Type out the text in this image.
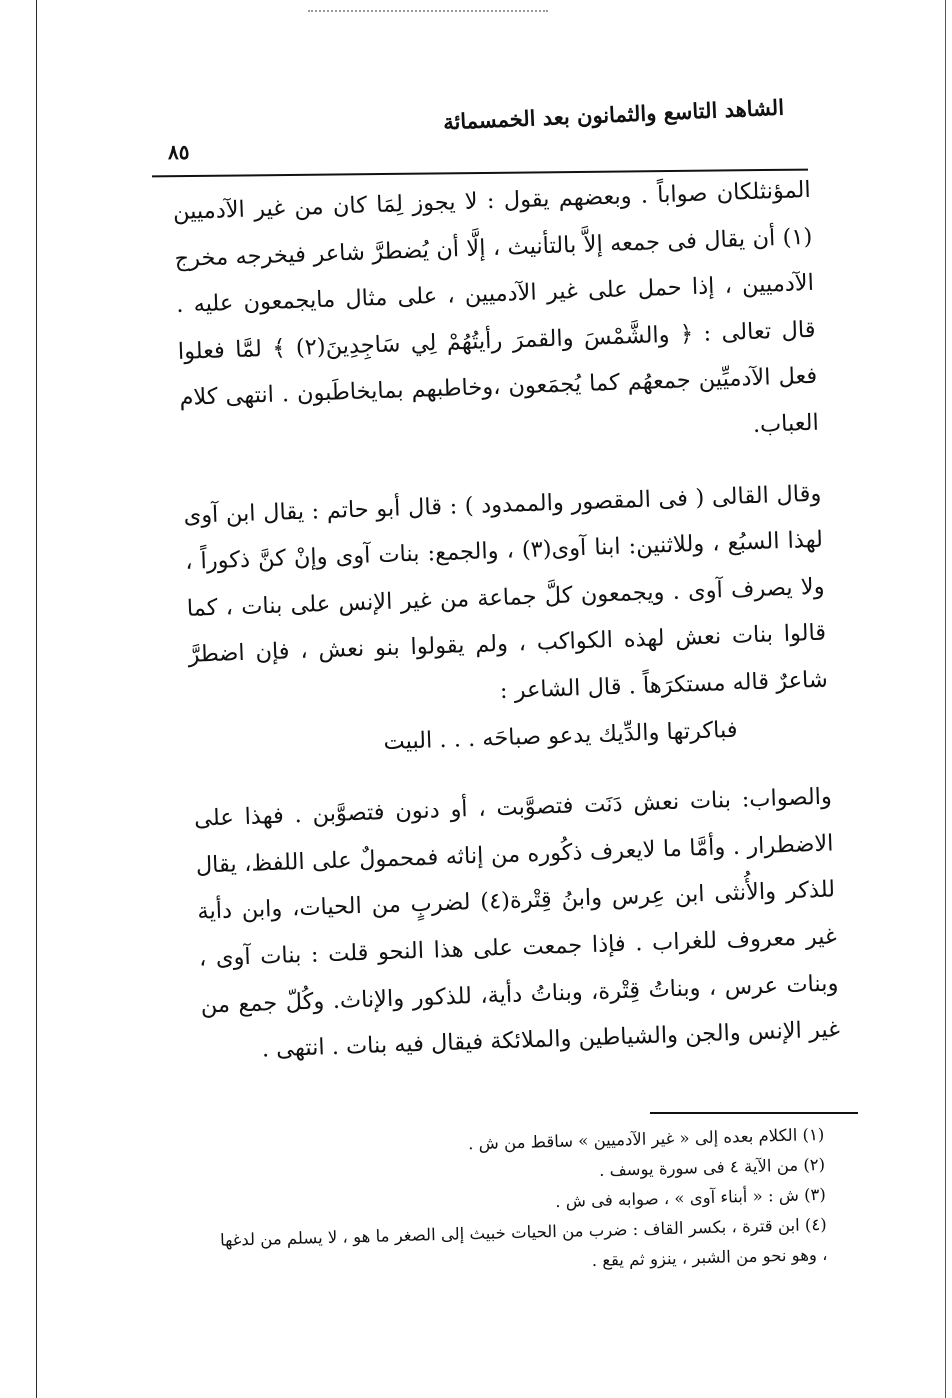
الشاهد التاسع والثمانون بعد الخمسمائة
٨٥

المؤنثلكان صواباً . وبعضهم يقول : لا يجوز لِمَا كان من غير الآدميين (١) أن يقال فى جمعه إلاَّ بالتأنيث ، إلَّا أن يُضطرَّ شاعر فيخرجه مخرج الآدميين ، إذا حمل على غير الآدميين ، على مثال مايجمعون عليه . قال تعالى : ﴿ والشَّمْسَ والقمرَ رأيتُهُمْ لِي سَاجِدِينَ(٢) ﴾ لمَّا فعلوا فعل الآدميِّين جمعهُم كما يُجمَعون ،وخاطبهم بمايخاطَبون . انتهى كلام العباب.

وقال القالى ( فى المقصور والممدود ) : قال أبو حاتم : يقال ابن آوى لهذا السبُع ، وللاثنين: ابنا آوى(٣) ، والجمع: بنات آوى وإنْ كنَّ ذكوراً ، ولا يصرف آوى . ويجمعون كلَّ جماعة من غير الإنس على بنات ، كما قالوا بنات نعش لهذه الكواكب ، ولم يقولوا بنو نعش ، فإن اضطرَّ شاعرٌ قاله مستكرَهاً . قال الشاعر :

فباكرتها والدِّيك يدعو صباحَه . . . البيت

والصواب: بنات نعش دَنَت فتصوَّبت ، أو دنون فتصوَّبن . فهذا على الاضطرار . وأمَّا ما لايعرف ذكُوره من إناثه فمحمولٌ على اللفظ، يقال للذكر والأُنثى ابن عِرس وابنُ قِتْرة(٤) لضربٍ من الحيات، وابن دأية غير معروف للغراب . فإذا جمعت على هذا النحو قلت : بنات آوى ، وبنات عرس ، وبناتُ قِتْرة، وبناتُ دأية، للذكور والإناث. وكُلّ جمع من غير الإنس والجن والشياطين والملائكة فيقال فيه بنات . انتهى .

(١) الكلام بعده إلى « غير الآدميين » ساقط من ش .

(٢) من الآية ٤ فى سورة يوسف .

(٣) ش : « أبناء آوى » ، صوابه فى ش .

(٤) ابن قترة ، بكسر القاف : ضرب من الحيات خبيث إلى الصغر ما هو ، لا يسلم من لدغها ، وهو نحو من الشبر ، ينزو ثم يقع .
